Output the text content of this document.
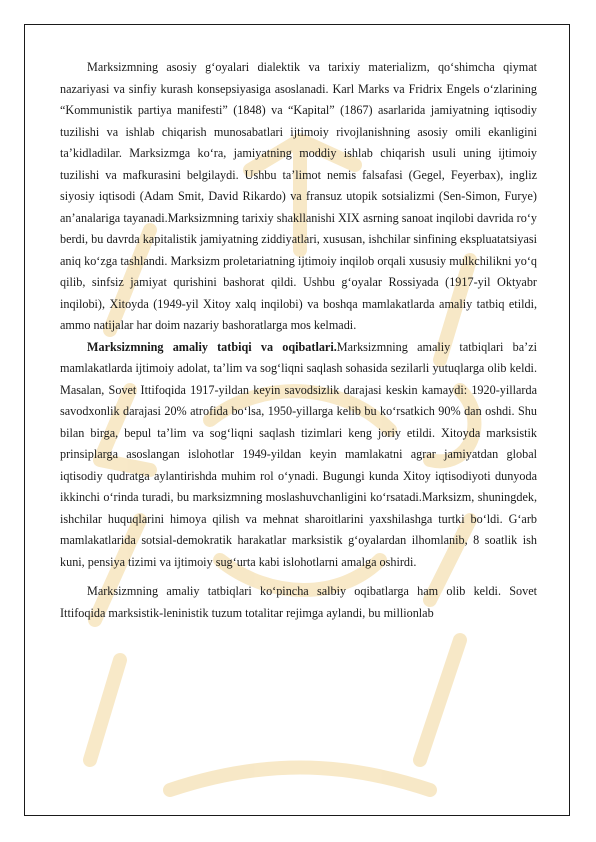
Marksizmning asosiy g‘oyalari dialektik va tarixiy materializm, qo‘shimcha qiymat nazariyasi va sinfiy kurash konsepsiyasiga asoslanadi. Karl Marks va Fridrix Engels o‘zlarining “Kommunistik partiya manifesti” (1848) va “Kapital” (1867) asarlarida jamiyatning iqtisodiy tuzilishi va ishlab chiqarish munosabatlari ijtimoiy rivojlanishning asosiy omili ekanligini ta’kidladilar. Marksizmga ko‘ra, jamiyatning moddiy ishlab chiqarish usuli uning ijtimoiy tuzilishi va mafkurasini belgilaydi. Ushbu ta’limot nemis falsafasi (Gegel, Feyerbax), ingliz siyosiy iqtisodi (Adam Smit, David Rikardo) va fransuz utopik sotsializmi (Sen-Simon, Furye) an’analariga tayanadi.Marksizmning tarixiy shakllanishi XIX asrning sanoat inqilobi davrida ro‘y berdi, bu davrda kapitalistik jamiyatning ziddiyatlari, xususan, ishchilar sinfining ekspluatatsiyasi aniq ko‘zga tashlandi. Marksizm proletariatning ijtimoiy inqilob orqali xususiy mulkchilikni yo‘q qilib, sinfsiz jamiyat qurishini bashorat qildi. Ushbu g‘oyalar Rossiyada (1917-yil Oktyabr inqilobi), Xitoyda (1949-yil Xitoy xalq inqilobi) va boshqa mamlakatlarda amaliy tatbiq etildi, ammo natijalar har doim nazariy bashoratlarga mos kelmadi.

Marksizmning amaliy tatbiqi va oqibatlari.Marksizmning amaliy tatbiqlari ba’zi mamlakatlarda ijtimoiy adolat, ta’lim va sog‘liqni saqlash sohasida sezilarli yutuqlarga olib keldi. Masalan, Sovet Ittifoqida 1917-yildan keyin savodsizlik darajasi keskin kamaydi: 1920-yillarda savodxonlik darajasi 20% atrofida bo‘lsa, 1950-yillarga kelib bu ko‘rsatkich 90% dan oshdi. Shu bilan birga, bepul ta’lim va sog‘liqni saqlash tizimlari keng joriy etildi. Xitoyda marksistik prinsiplarga asoslangan islohotlar 1949-yildan keyin mamlakatni agrar jamiyatdan global iqtisodiy qudratga aylantirishda muhim rol o‘ynadi. Bugungi kunda Xitoy iqtisodiyoti dunyoda ikkinchi o‘rinda turadi, bu marksizmning moslashuvchanligini ko‘rsatadi.Marksizm, shuningdek, ishchilar huquqlarini himoya qilish va mehnat sharoitlarini yaxshilashga turtki bo‘ldi. G‘arb mamlakatlarida sotsial-demokratik harakatlar marksistik g‘oyalardan ilhomlanib, 8 soatlik ish kuni, pensiya tizimi va ijtimoiy sug‘urta kabi islohotlarni amalga oshirdi.

Marksizmning amaliy tatbiqlari ko‘pincha salbiy oqibatlarga ham olib keldi. Sovet Ittifoqida marksistik-leninistik tuzum totalitar rejimga aylandi, bu millionlab
